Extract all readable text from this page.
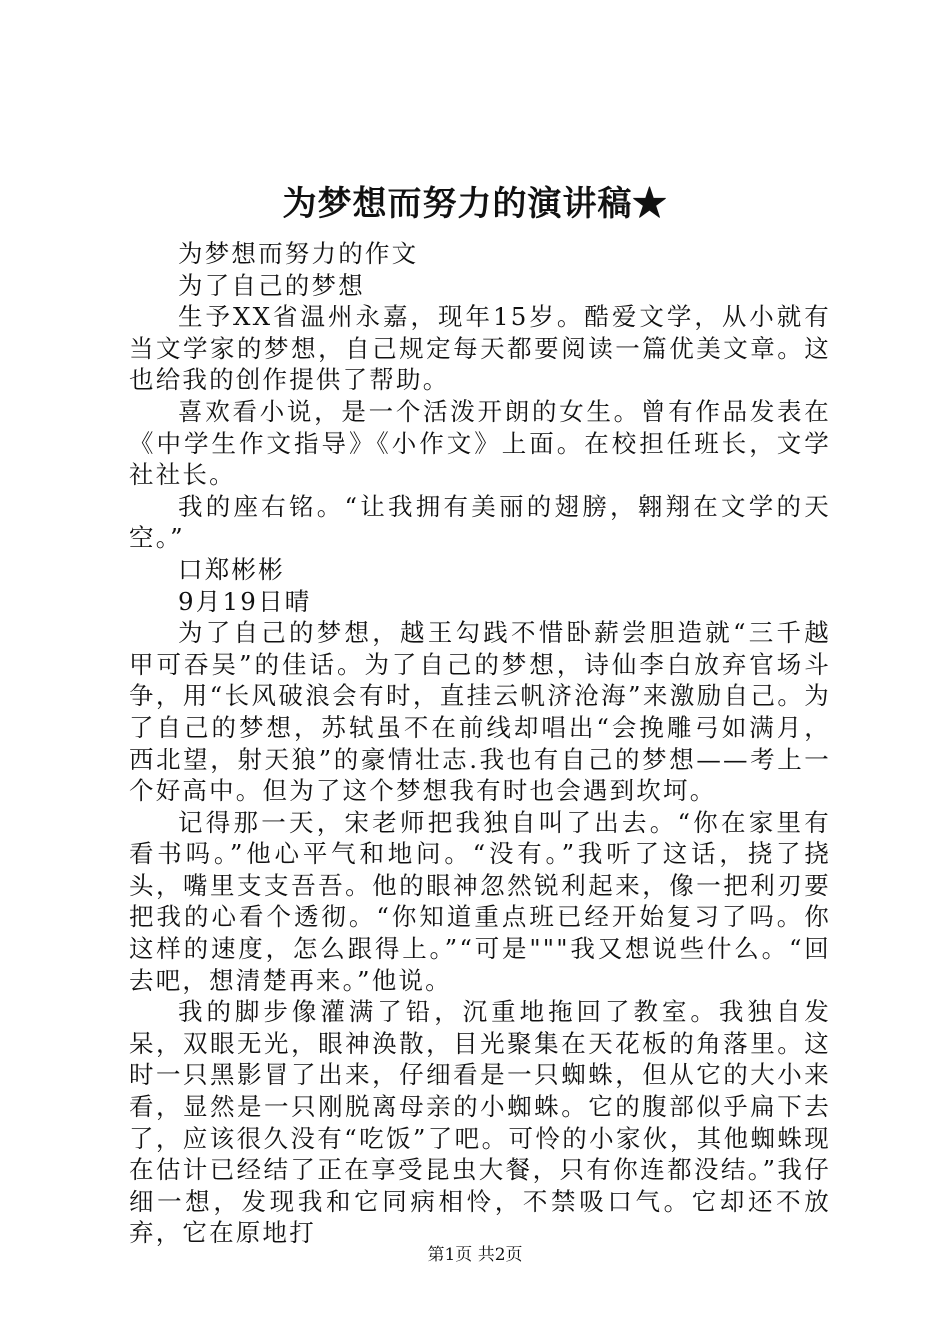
为梦想而努力的演讲稿★

为梦想而努力的作文

为了自己的梦想

生予XX省温州永嘉，现年15岁。酷爱文学，从小就有当文学家的梦想，自己规定每天都要阅读一篇优美文章。这也给我的创作提供了帮助。

喜欢看小说，是一个活泼开朗的女生。曾有作品发表在《中学生作文指导》《小作文》上面。在校担任班长，文学社社长。

我的座右铭。“让我拥有美丽的翅膀，翱翔在文学的天空。”

口郑彬彬

9月19日晴

为了自己的梦想，越王勾践不惜卧薪尝胆造就“三千越甲可吞吴”的佳话。为了自己的梦想，诗仙李白放弃官场斗争，用“长风破浪会有时，直挂云帆济沧海”来激励自己。为了自己的梦想，苏轼虽不在前线却唱出“会挽雕弓如满月，西北望，射天狼”的豪情壮志.我也有自己的梦想——考上一个好高中。但为了这个梦想我有时也会遇到坎坷。

记得那一天，宋老师把我独自叫了出去。“你在家里有看书吗。”他心平气和地问。“没有。”我听了这话，挠了挠头，嘴里支支吾吾。他的眼神忽然锐利起来，像一把利刃要把我的心看个透彻。“你知道重点班已经开始复习了吗。你这样的速度，怎么跟得上。”“可是"""我又想说些什么。“回去吧，想清楚再来。”他说。

我的脚步像灌满了铅，沉重地拖回了教室。我独自发呆，双眼无光，眼神涣散，目光聚集在天花板的角落里。这时一只黑影冒了出来，仔细看是一只蜘蛛，但从它的大小来看，显然是一只刚脱离母亲的小蜘蛛。它的腹部似乎扁下去了，应该很久没有“吃饭”了吧。可怜的小家伙，其他蜘蛛现在估计已经结了正在享受昆虫大餐，只有你连都没结。”我仔细一想，发现我和它同病相怜，不禁吸口气。它却还不放弃，它在原地打

第1页 共2页
